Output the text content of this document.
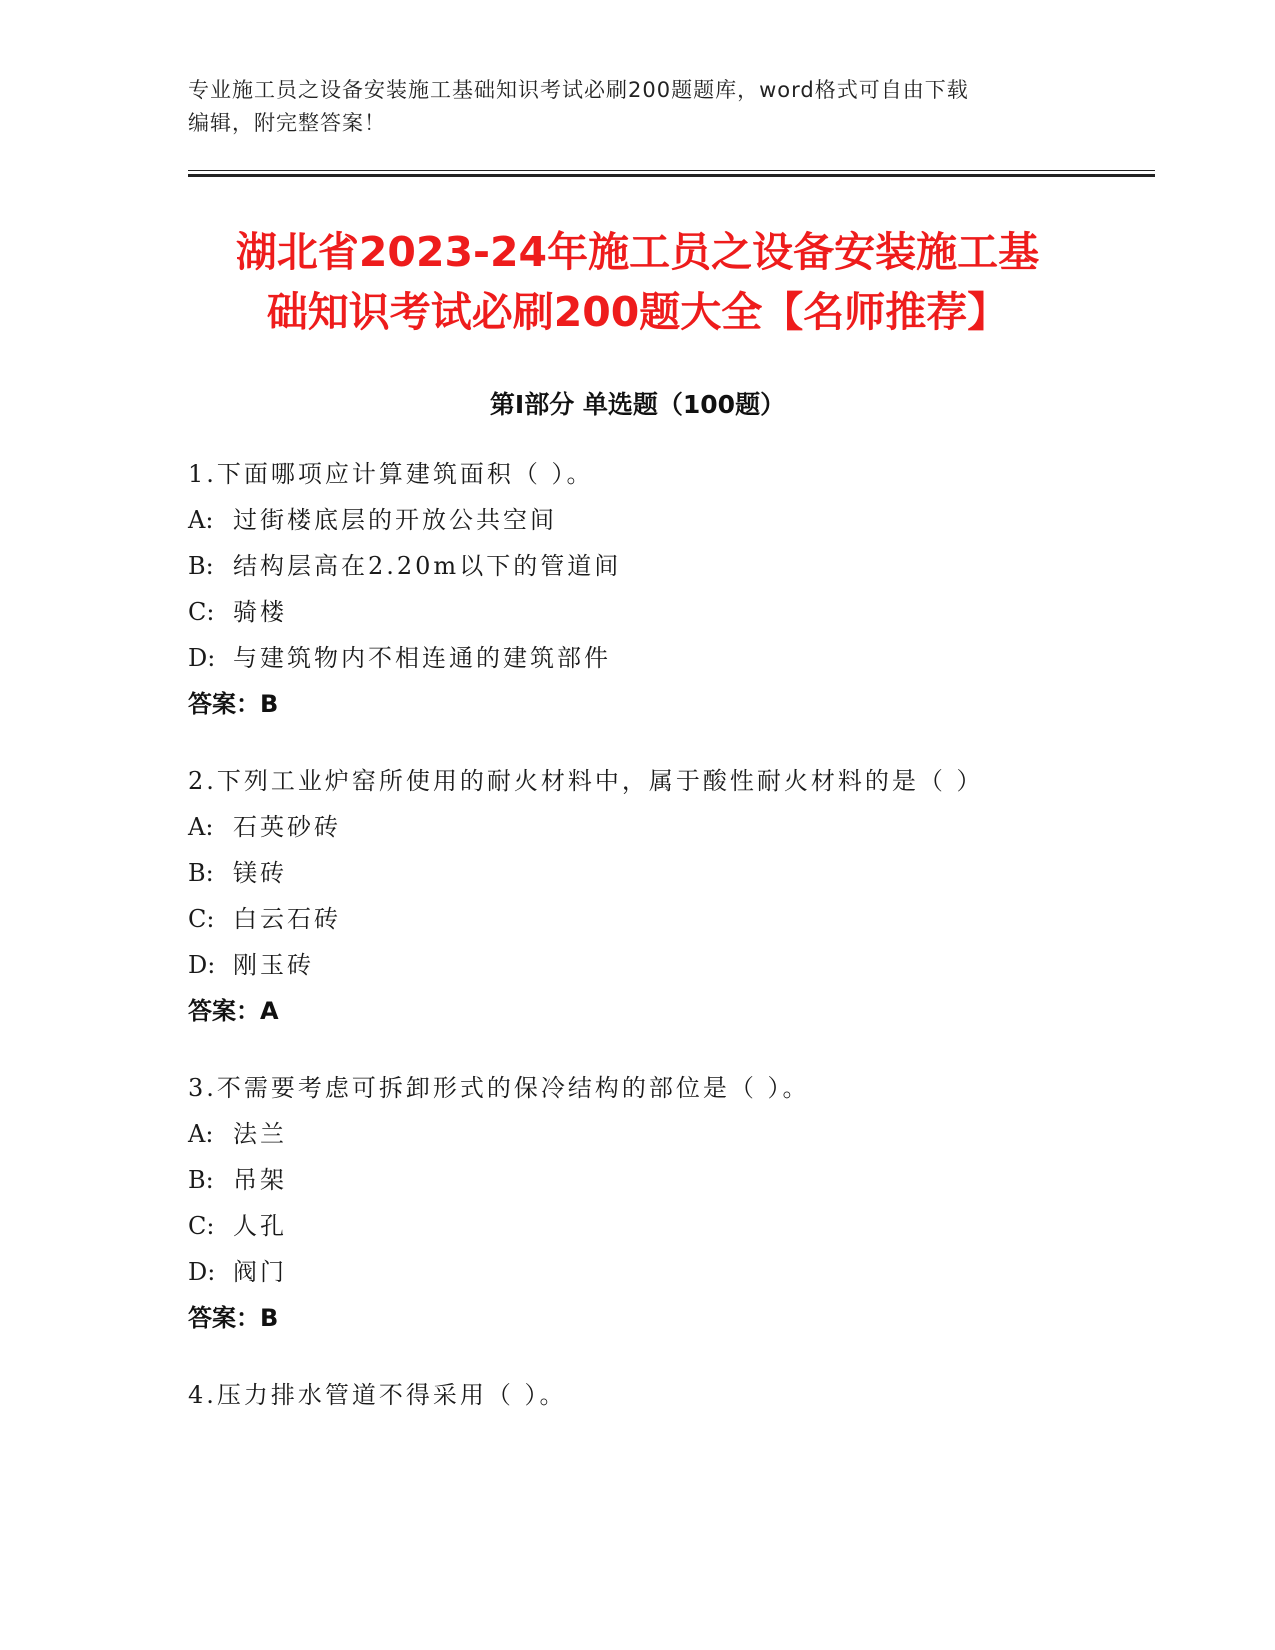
专业施工员之设备安装施工基础知识考试必刷200题题库，word格式可自由下载
编辑，附完整答案！
湖北省2023-24年施工员之设备安装施工基
础知识考试必刷200题大全【名师推荐】
第Ⅰ部分 单选题（100题）
1.下面哪项应计算建筑面积（ ）。
A: 过街楼底层的开放公共空间
B: 结构层高在2.20m以下的管道间
C: 骑楼
D: 与建筑物内不相连通的建筑部件
答案：B
2.下列工业炉窑所使用的耐火材料中，属于酸性耐火材料的是（ ）
A: 石英砂砖
B: 镁砖
C: 白云石砖
D: 刚玉砖
答案：A
3.不需要考虑可拆卸形式的保冷结构的部位是（ ）。
A: 法兰
B: 吊架
C: 人孔
D: 阀门
答案：B
4.压力排水管道不得采用（ ）。
